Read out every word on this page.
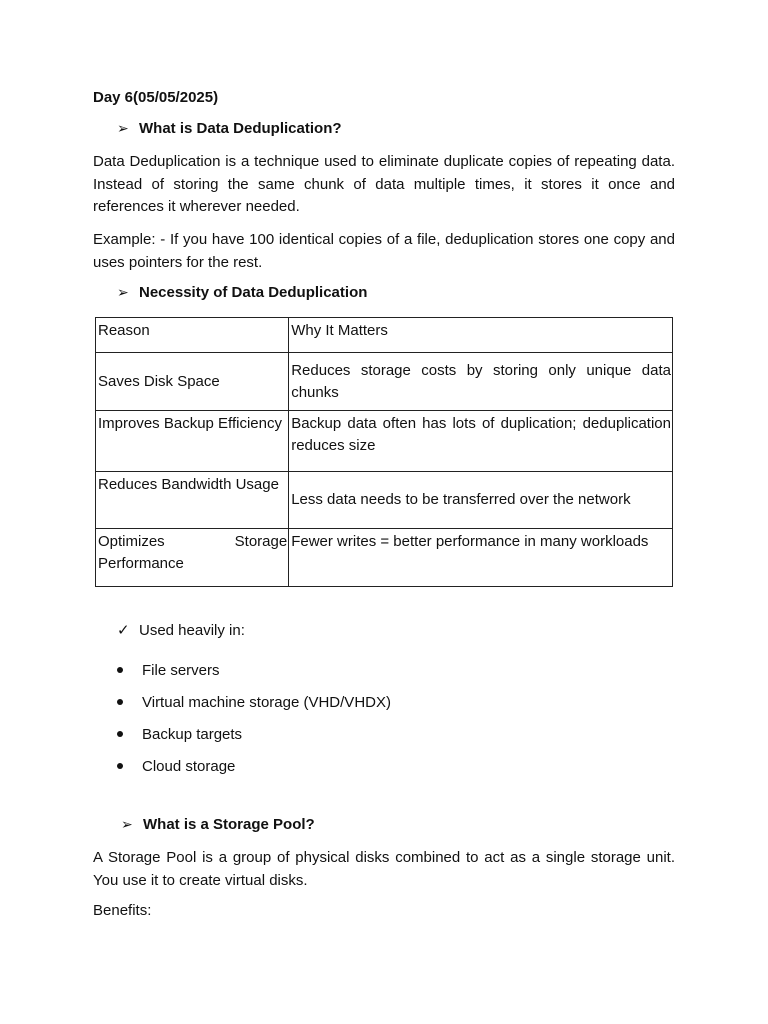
Day 6(05/05/2025)
➢ What is Data Deduplication?
Data Deduplication is a technique used to eliminate duplicate copies of repeating data. Instead of storing the same chunk of data multiple times, it stores it once and references it wherever needed.
Example: - If you have 100 identical copies of a file, deduplication stores one copy and uses pointers for the rest.
➢ Necessity of Data Deduplication
Reason	Why It Matters
Saves Disk Space	Reduces storage costs by storing only unique data chunks
Improves Backup Efficiency	Backup data often has lots of duplication; deduplication reduces size
Reduces Bandwidth Usage	Less data needs to be transferred over the network
Optimizes Storage Performance	Fewer writes = better performance in many workloads
✓ Used heavily in:
File servers
Virtual machine storage (VHD/VHDX)
Backup targets
Cloud storage
➢ What is a Storage Pool?
A Storage Pool is a group of physical disks combined to act as a single storage unit. You use it to create virtual disks.
Benefits:
